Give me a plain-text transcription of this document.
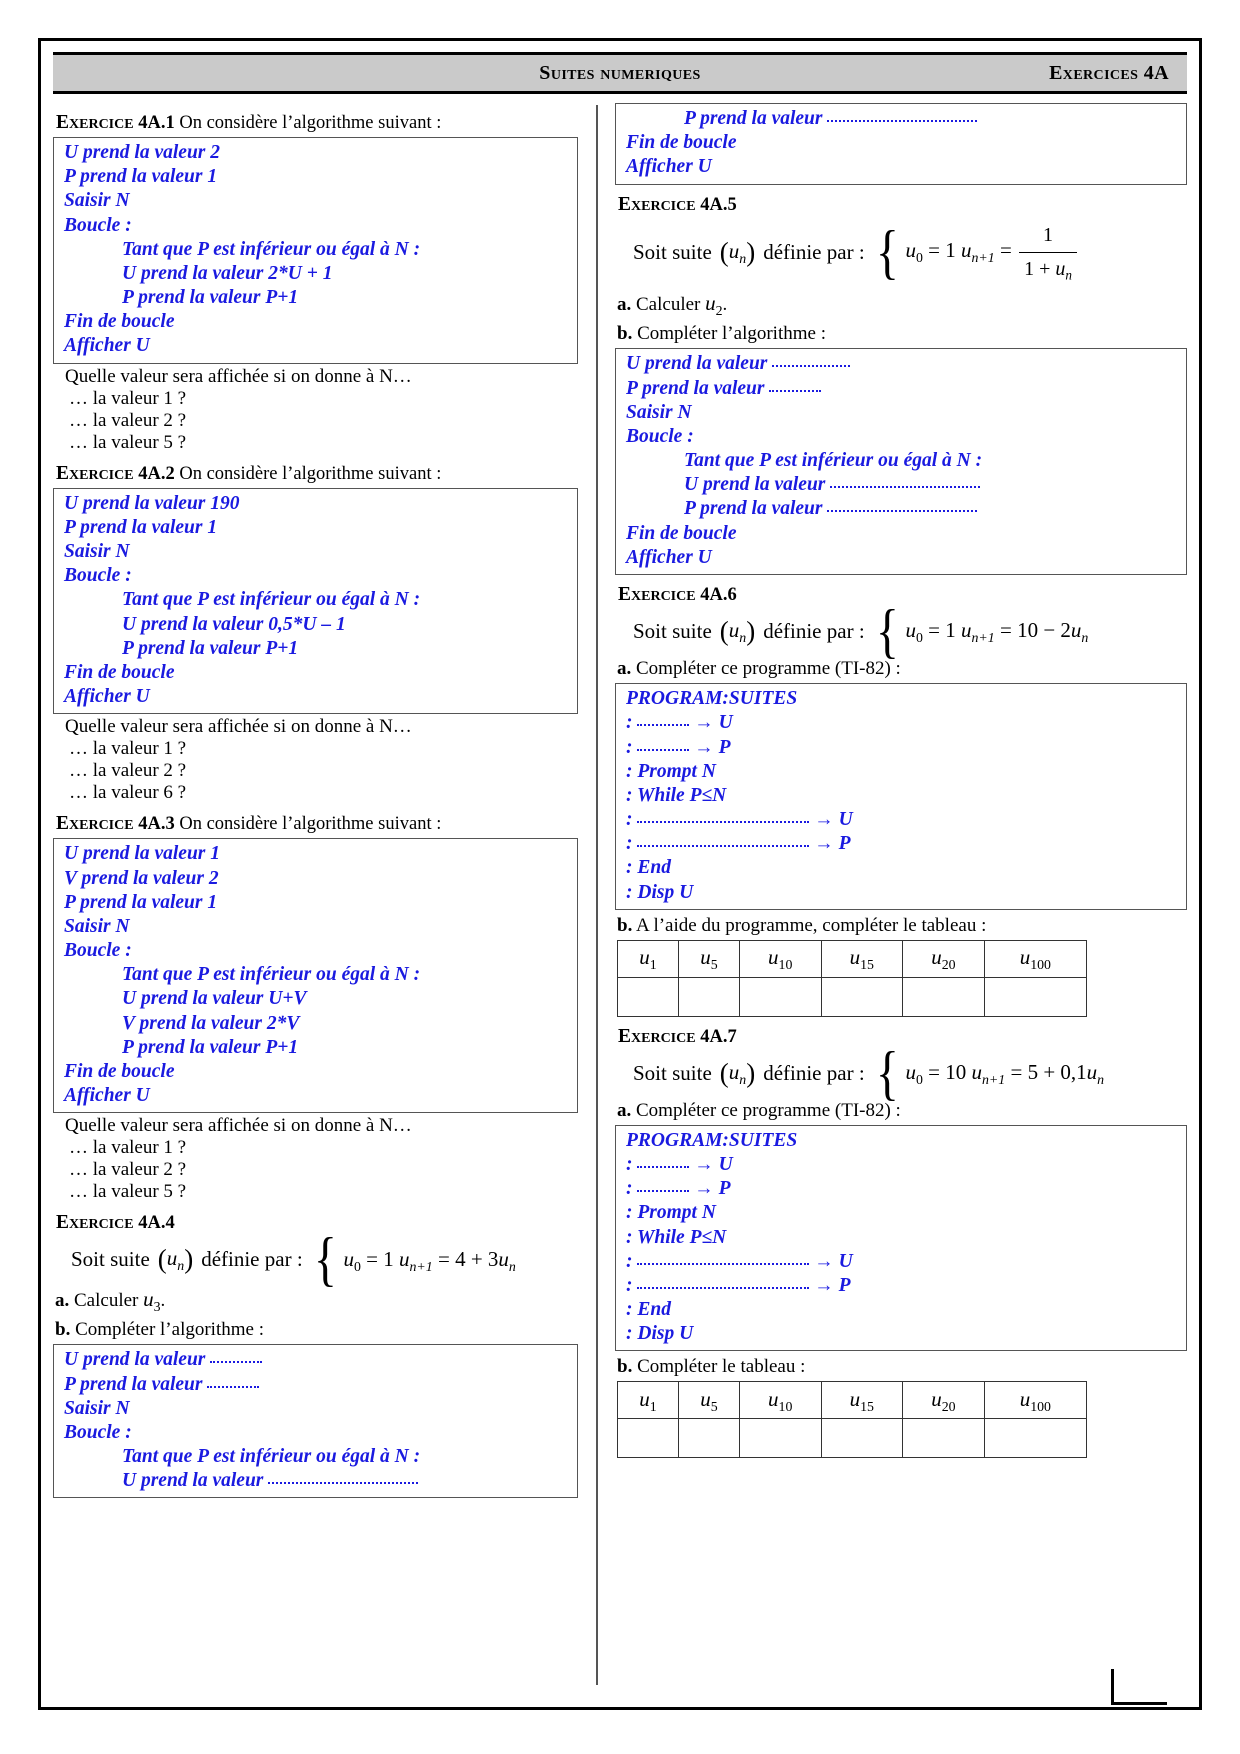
Suites numeriques	Exercices 4A
Exercice 4A.1 On considère l’algorithme suivant :
U prend la valeur 2
P prend la valeur 1
Saisir N
Boucle :
Tant que P est inférieur ou égal à N :
U prend la valeur 2*U + 1
P prend la valeur P+1
Fin de boucle
Afficher U
Quelle valeur sera affichée si on donne à N…
… la valeur 1 ?
… la valeur 2 ?
… la valeur 5 ?
Exercice 4A.2 On considère l’algorithme suivant :
U prend la valeur 190
P prend la valeur 1
Saisir N
Boucle :
Tant que P est inférieur ou égal à N :
U prend la valeur 0,5*U – 1
P prend la valeur P+1
Fin de boucle
Afficher U
Quelle valeur sera affichée si on donne à N…
… la valeur 1 ?
… la valeur 2 ?
… la valeur 6 ?
Exercice 4A.3 On considère l’algorithme suivant :
U prend la valeur 1
V prend la valeur 2
P prend la valeur 1
Saisir N
Boucle :
Tant que P est inférieur ou égal à N :
U prend la valeur U+V
V prend la valeur 2*V
P prend la valeur P+1
Fin de boucle
Afficher U
Quelle valeur sera affichée si on donne à N…
… la valeur 1 ?
… la valeur 2 ?
… la valeur 5 ?
Exercice 4A.4
Soit suite $(u_n)$ définie par : { $u_0 = 1$ $u_{n+1} = 4 + 3u_n$
a. Calculer $u_3$.
b. Compléter l’algorithme :
U prend la valeur
P prend la valeur
Saisir N
Boucle :
Tant que P est inférieur ou égal à N :
U prend la valeur
P prend la valeur
Fin de boucle
Afficher U
Exercice 4A.5
Soit suite $(u_n)$ définie par : { $u_0 = 1$ $u_{n+1} = \frac{1}{1 + u_n}$
a. Calculer $u_2$.
b. Compléter l’algorithme :
U prend la valeur
P prend la valeur
Saisir N
Boucle :
Tant que P est inférieur ou égal à N :
U prend la valeur
P prend la valeur
Fin de boucle
Afficher U
Exercice 4A.6
Soit suite $(u_n)$ définie par : { $u_0 = 1$ $u_{n+1} = 10 - 2u_n$
a. Compléter ce programme (TI-82) :
PROGRAM:SUITES
:	→ U
:	→ P
: Prompt N
: While P≤N
:	→ U
:	→ P
: End
: Disp U
b. A l’aide du programme, compléter le tableau :
$u_1$	$u_5$	$u_{10}$	$u_{15}$	$u_{20}$	$u_{100}$

Exercice 4A.7
Soit suite $(u_n)$ définie par : { $u_0 = 10$ $u_{n+1} = 5 + 0,1u_n$
a. Compléter ce programme (TI-82) :
PROGRAM:SUITES
:	→ U
:	→ P
: Prompt N
: While P≤N
:	→ U
:	→ P
: End
: Disp U
b. Compléter le tableau :
$u_1$	$u_5$	$u_{10}$	$u_{15}$	$u_{20}$	$u_{100}$
